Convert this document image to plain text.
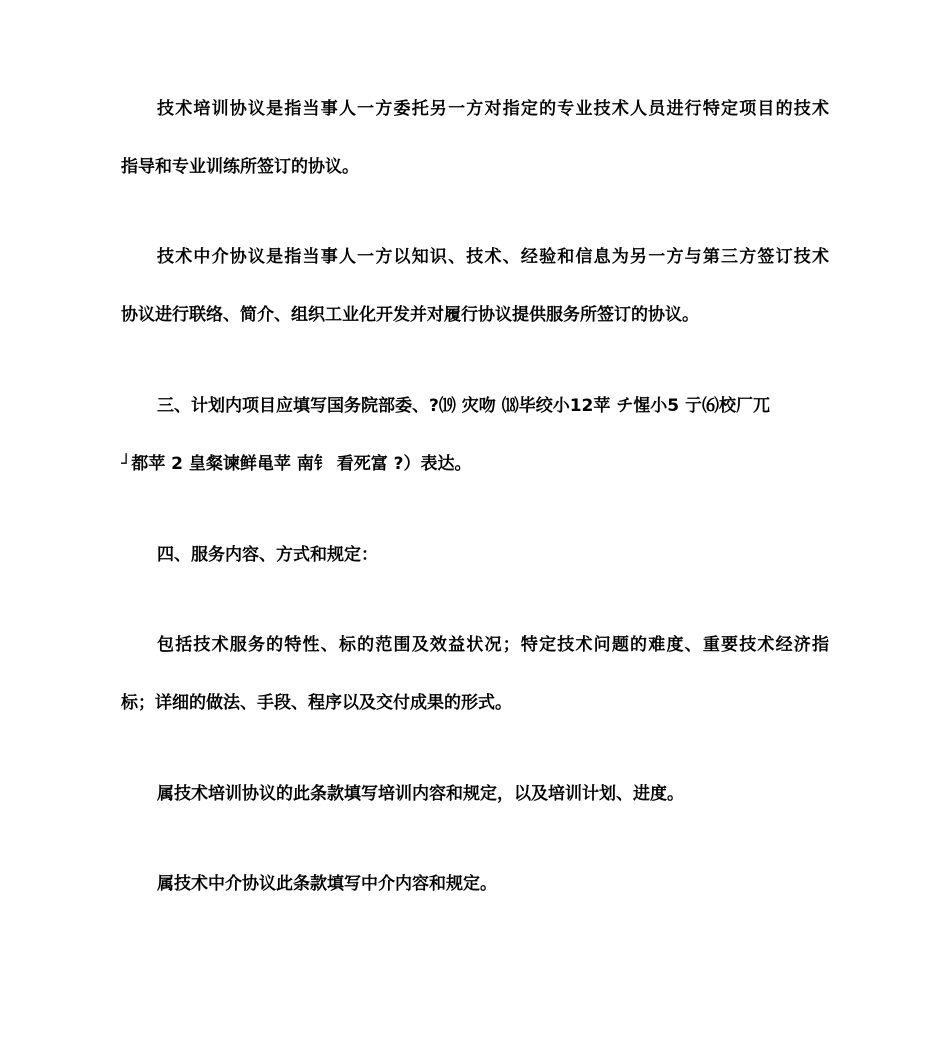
技术培训协议是指当事人一方委托另一方对指定的专业技术人员进行特定项目的技术
指导和专业训练所签订的协议。
技术中介协议是指当事人一方以知识、技术、经验和信息为另一方与第三方签订技术
协议进行联络、简介、组织工业化开发并对履行协议提供服务所签订的协议。
三、计划内项目应填写国务院部委、?⒆ 灾吻 ⒅毕绞小12苹 チ惺小5 亍⑹校厂兀
┘都苹 2 皇粲谏鲜黾苹 南钅 看死富 ?）表达。
四、服务内容、方式和规定：
包括技术服务的特性、标的范围及效益状况；特定技术问题的难度、重要技术经济指
标；详细的做法、手段、程序以及交付成果的形式。
属技术培训协议的此条款填写培训内容和规定，以及培训计划、进度。
属技术中介协议此条款填写中介内容和规定。
